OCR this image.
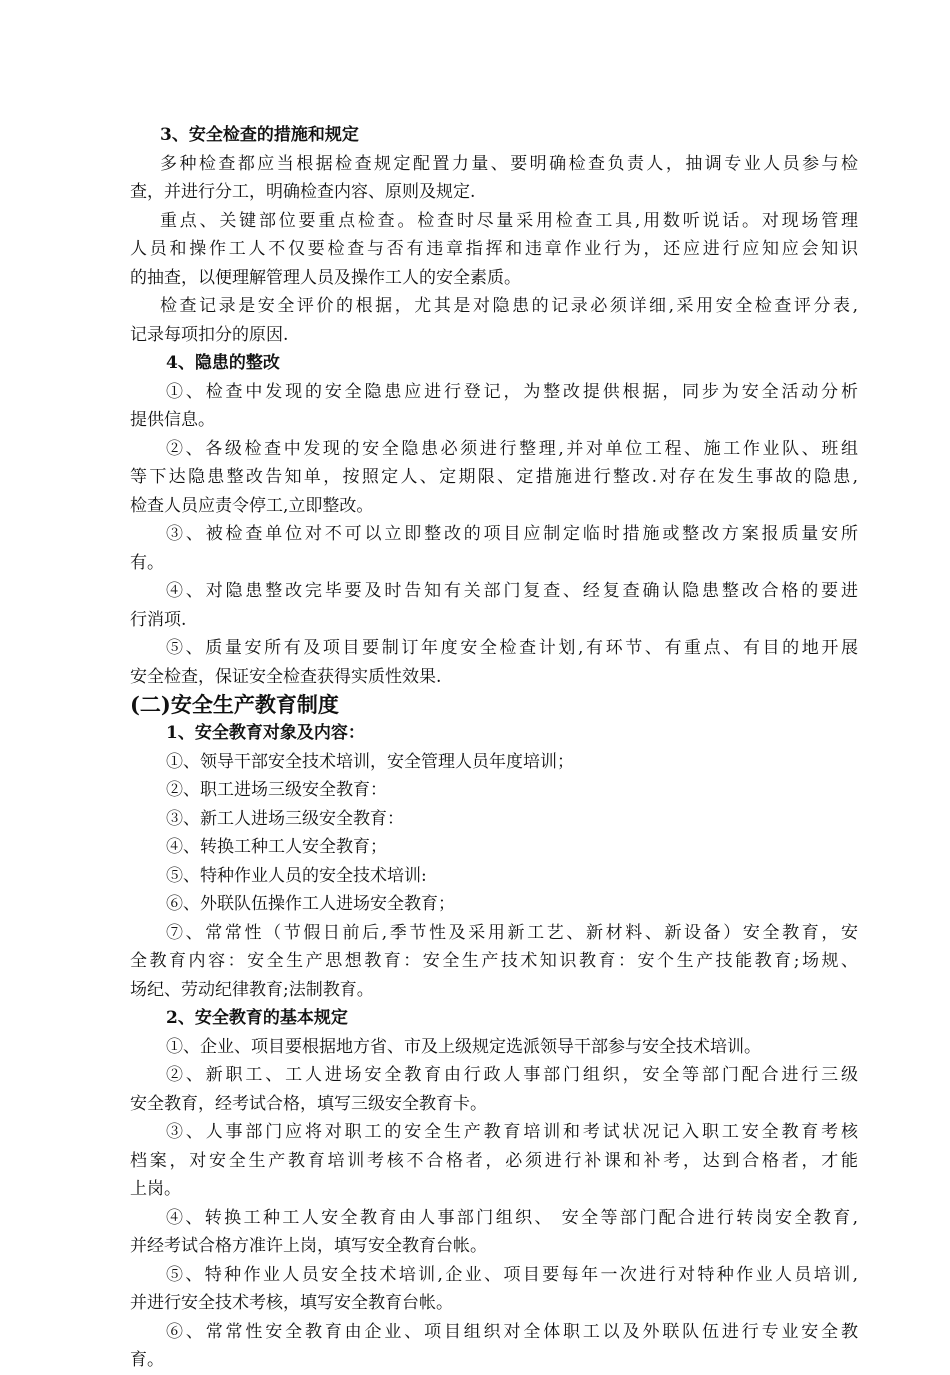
3、安全检查的措施和规定
多种检查都应当根据检查规定配置力量、要明确检查负责人，抽调专业人员参与检
查，并进行分工，明确检查内容、原则及规定.
重点、关键部位要重点检查。检查时尽量采用检查工具,用数听说话。对现场管理
人员和操作工人不仅要检查与否有违章指挥和违章作业行为，还应进行应知应会知识
的抽查，以便理解管理人员及操作工人的安全素质。
检查记录是安全评价的根据，尤其是对隐患的记录必须详细,采用安全检查评分表,
记录每项扣分的原因.
4、隐患的整改
①、检查中发现的安全隐患应进行登记，为整改提供根据，同步为安全活动分析
提供信息。
②、各级检查中发现的安全隐患必须进行整理,并对单位工程、施工作业队、班组
等下达隐患整改告知单，按照定人、定期限、定措施进行整改.对存在发生事故的隐患,
检查人员应责令停工,立即整改。
③、被检查单位对不可以立即整改的项目应制定临时措施或整改方案报质量安所
有。
④、对隐患整改完毕要及时告知有关部门复查、经复查确认隐患整改合格的要进
行消项.
⑤、质量安所有及项目要制订年度安全检查计划,有环节、有重点、有目的地开展
安全检查，保证安全检查获得实质性效果.
(二)安全生产教育制度
1、安全教育对象及内容：
①、领导干部安全技术培训，安全管理人员年度培训；
②、职工进场三级安全教育：
③、新工人进场三级安全教育：
④、转换工种工人安全教育；
⑤、特种作业人员的安全技术培训:
⑥、外联队伍操作工人进场安全教育；
⑦、常常性（节假日前后,季节性及采用新工艺、新材料、新设备）安全教育，安
全教育内容：安全生产思想教育：安全生产技术知识教育：安个生产技能教育;场规、
场纪、劳动纪律教育;法制教育。
2、安全教育的基本规定
①、企业、项目要根据地方省、市及上级规定选派领导干部参与安全技术培训。
②、新职工、工人进场安全教育由行政人事部门组织，安全等部门配合进行三级
安全教育，经考试合格，填写三级安全教育卡。
③、人事部门应将对职工的安全生产教育培训和考试状况记入职工安全教育考核
档案，对安全生产教育培训考核不合格者，必须进行补课和补考，达到合格者，才能
上岗。
④、转换工种工人安全教育由人事部门组织、 安全等部门配合进行转岗安全教育,
并经考试合格方准许上岗，填写安全教育台帐。
⑤、特种作业人员安全技术培训,企业、项目要每年一次进行对特种作业人员培训,
并进行安全技术考核，填写安全教育台帐。
⑥、常常性安全教育由企业、项目组织对全体职工以及外联队伍进行专业安全教
育。
